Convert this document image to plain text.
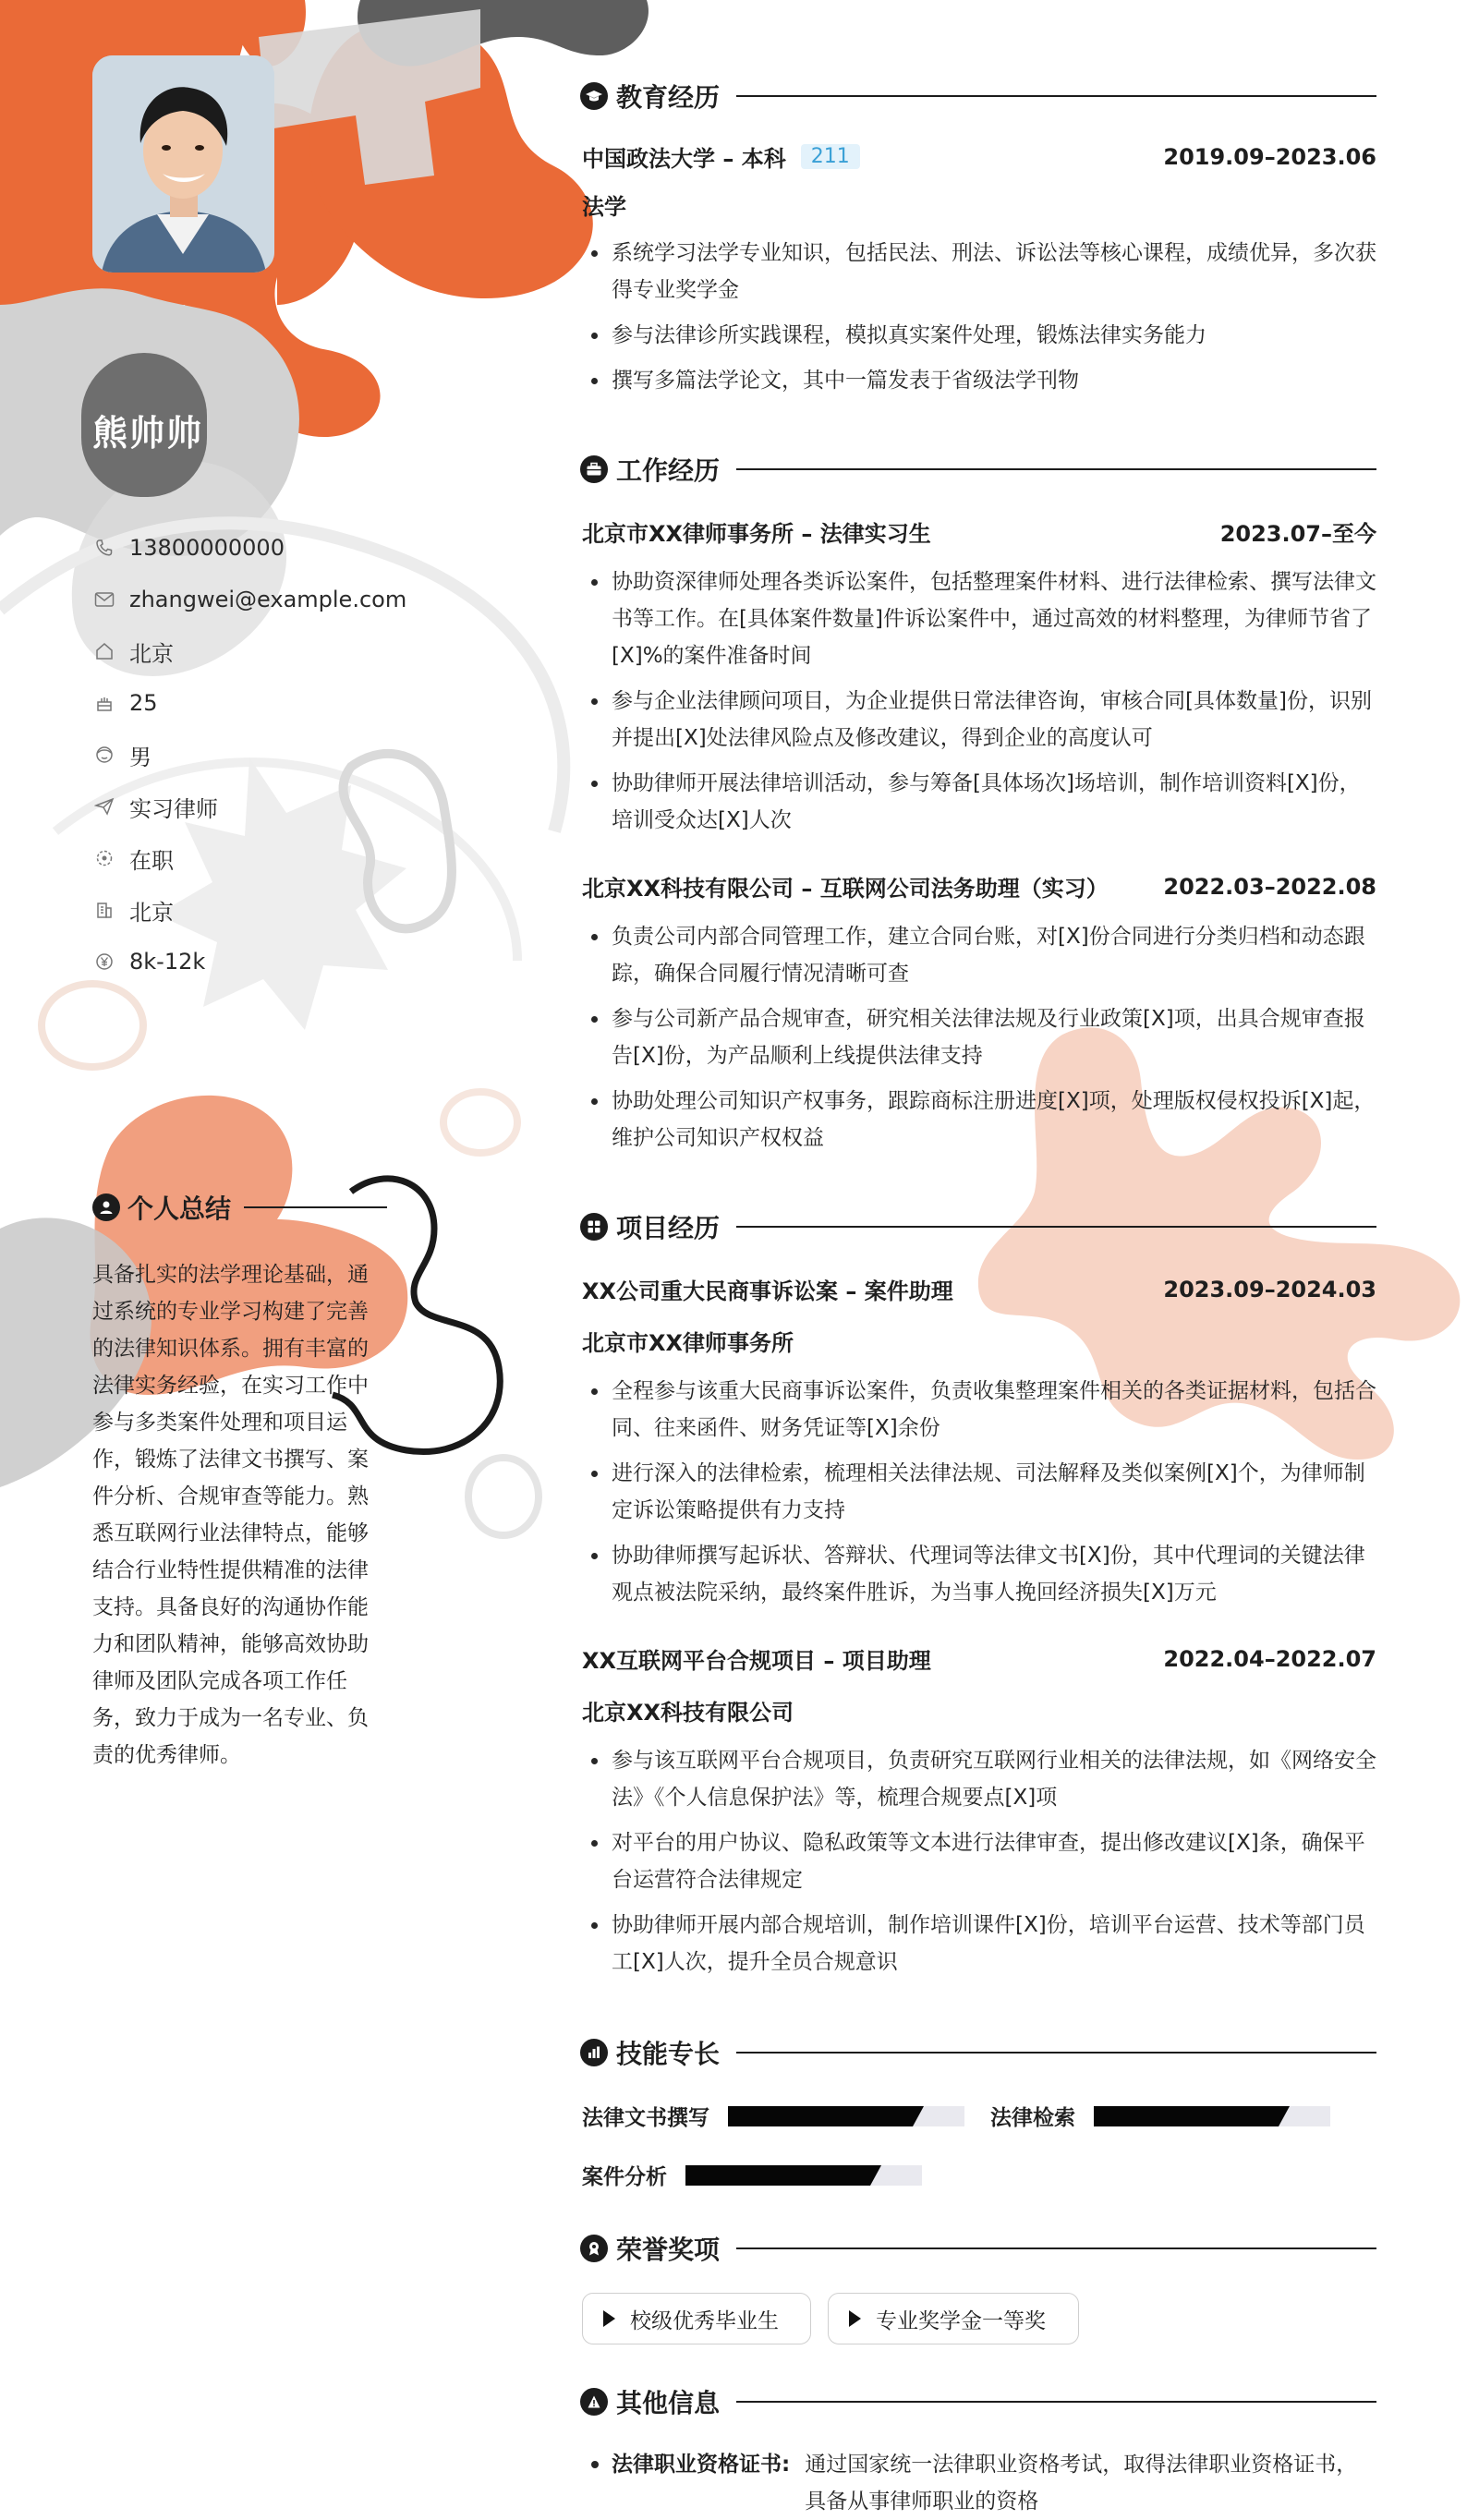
熊帅帅
13800000000
zhangwei@example.com
北京
25
男
实习律师
在职
北京
8k-12k
个人总结
具备扎实的法学理论基础，通过系统的专业学习构建了完善的法律知识体系。拥有丰富的法律实务经验，在实习工作中参与多类案件处理和项目运作，锻炼了法律文书撰写、案件分析、合规审查等能力。熟悉互联网行业法律特点，能够结合行业特性提供精准的法律支持。具备良好的沟通协作能力和团队精神，能够高效协助律师及团队完成各项工作任务，致力于成为一名专业、负责的优秀律师。
教育经历
中国政法大学 – 本科	211	2019.09–2023.06
法学
系统学习法学专业知识，包括民法、刑法、诉讼法等核心课程，成绩优异，多次获得专业奖学金
参与法律诊所实践课程，模拟真实案件处理，锻炼法律实务能力
撰写多篇法学论文，其中一篇发表于省级法学刊物
工作经历
北京市XX律师事务所 – 法律实习生	2023.07–至今
协助资深律师处理各类诉讼案件，包括整理案件材料、进行法律检索、撰写法律文书等工作。在[具体案件数量]件诉讼案件中，通过高效的材料整理，为律师节省了[X]%的案件准备时间
参与企业法律顾问项目，为企业提供日常法律咨询，审核合同[具体数量]份，识别并提出[X]处法律风险点及修改建议，得到企业的高度认可
协助律师开展法律培训活动，参与筹备[具体场次]场培训，制作培训资料[X]份，培训受众达[X]人次
北京XX科技有限公司 – 互联网公司法务助理（实习） 2022.03–2022.08
负责公司内部合同管理工作，建立合同台账，对[X]份合同进行分类归档和动态跟踪，确保合同履行情况清晰可查
参与公司新产品合规审查，研究相关法律法规及行业政策[X]项，出具合规审查报告[X]份，为产品顺利上线提供法律支持
协助处理公司知识产权事务，跟踪商标注册进度[X]项，处理版权侵权投诉[X]起，维护公司知识产权权益
项目经历
XX公司重大民商事诉讼案 – 案件助理	2023.09–2024.03
北京市XX律师事务所
全程参与该重大民商事诉讼案件，负责收集整理案件相关的各类证据材料，包括合同、往来函件、财务凭证等[X]余份
进行深入的法律检索，梳理相关法律法规、司法解释及类似案例[X]个，为律师制定诉讼策略提供有力支持
协助律师撰写起诉状、答辩状、代理词等法律文书[X]份，其中代理词的关键法律观点被法院采纳，最终案件胜诉，为当事人挽回经济损失[X]万元
XX互联网平台合规项目 – 项目助理	2022.04–2022.07
北京XX科技有限公司
参与该互联网平台合规项目，负责研究互联网行业相关的法律法规，如《网络安全法》《个人信息保护法》等，梳理合规要点[X]项
对平台的用户协议、隐私政策等文本进行法律审查，提出修改建议[X]条，确保平台运营符合法律规定
协助律师开展内部合规培训，制作培训课件[X]份，培训平台运营、技术等部门员工[X]人次，提升全员合规意识
技能专长
法律文书撰写	法律检索
案件分析
荣誉奖项
校级优秀毕业生	专业奖学金一等奖
其他信息
法律职业资格证书: 通过国家统一法律职业资格考试，取得法律职业资格证书，具备从事律师职业的资格
